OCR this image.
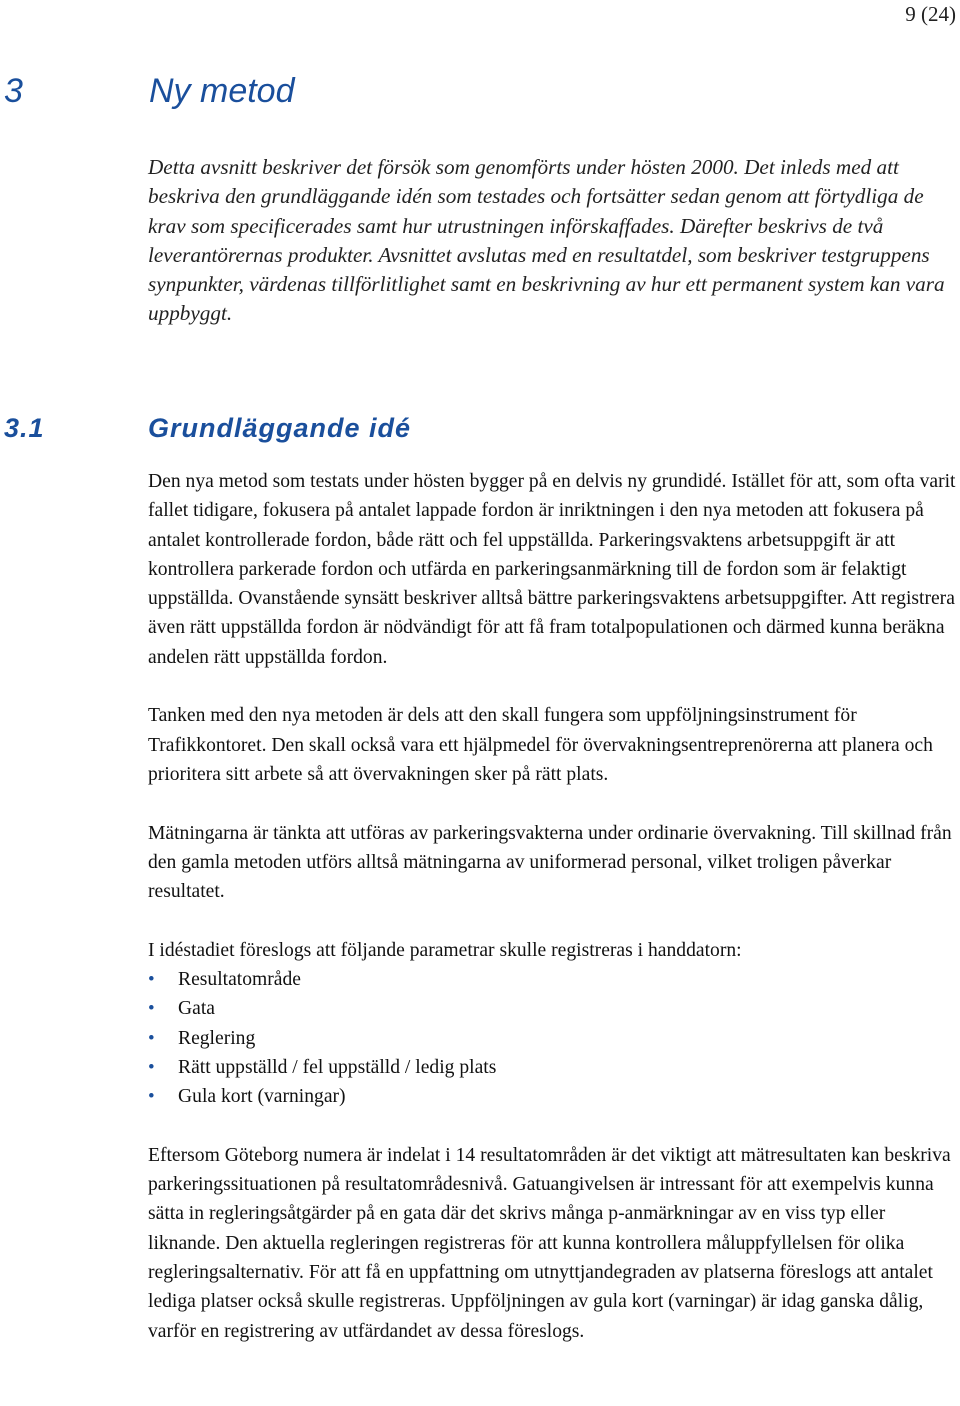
9 (24)
3	Ny metod

Detta avsnitt beskriver det försök som genomförts under hösten 2000. Det inleds med att beskriva den grundläggande idén som testades och fortsätter sedan genom att förtydliga de krav som specificerades samt hur utrustningen införskaffades. Därefter beskrivs de två leverantörernas produkter. Avsnittet avslutas med en resultatdel, som beskriver testgruppens synpunkter, värdenas tillförlitlighet samt en beskrivning av hur ett permanent system kan vara uppbyggt.

3.1	Grundläggande idé

Den nya metod som testats under hösten bygger på en delvis ny grundidé. Istället för att, som ofta varit fallet tidigare, fokusera på antalet lappade fordon är inriktningen i den nya metoden att fokusera på antalet kontrollerade fordon, både rätt och fel uppställda. Parkeringsvaktens arbetsuppgift är att kontrollera parkerade fordon och utfärda en parkeringsanmärkning till de fordon som är felaktigt uppställda. Ovanstående synsätt beskriver alltså bättre parkeringsvaktens arbetsuppgifter. Att registrera även rätt uppställda fordon är nödvändigt för att få fram totalpopulationen och därmed kunna beräkna andelen rätt uppställda fordon.

Tanken med den nya metoden är dels att den skall fungera som uppföljningsinstrument för Trafikkontoret. Den skall också vara ett hjälpmedel för övervakningsentreprenörerna att planera och prioritera sitt arbete så att övervakningen sker på rätt plats.

Mätningarna är tänkta att utföras av parkeringsvakterna under ordinarie övervakning. Till skillnad från den gamla metoden utförs alltså mätningarna av uniformerad personal, vilket troligen påverkar resultatet.

I idéstadiet föreslogs att följande parametrar skulle registreras i handdatorn:

• Resultatområde
• Gata
• Reglering
• Rätt uppställd / fel uppställd / ledig plats
• Gula kort (varningar)

Eftersom Göteborg numera är indelat i 14 resultatområden är det viktigt att mätresultaten kan beskriva parkeringssituationen på resultatområdesnivå. Gatuangivelsen är intressant för att exempelvis kunna sätta in regleringsåtgärder på en gata där det skrivs många p-anmärkningar av en viss typ eller liknande. Den aktuella regleringen registreras för att kunna kontrollera måluppfyllelsen för olika regleringsalternativ. För att få en uppfattning om utnyttjandegraden av platserna föreslogs att antalet lediga platser också skulle registreras. Uppföljningen av gula kort (varningar) är idag ganska dålig, varför en registrering av utfärdandet av dessa föreslogs.
